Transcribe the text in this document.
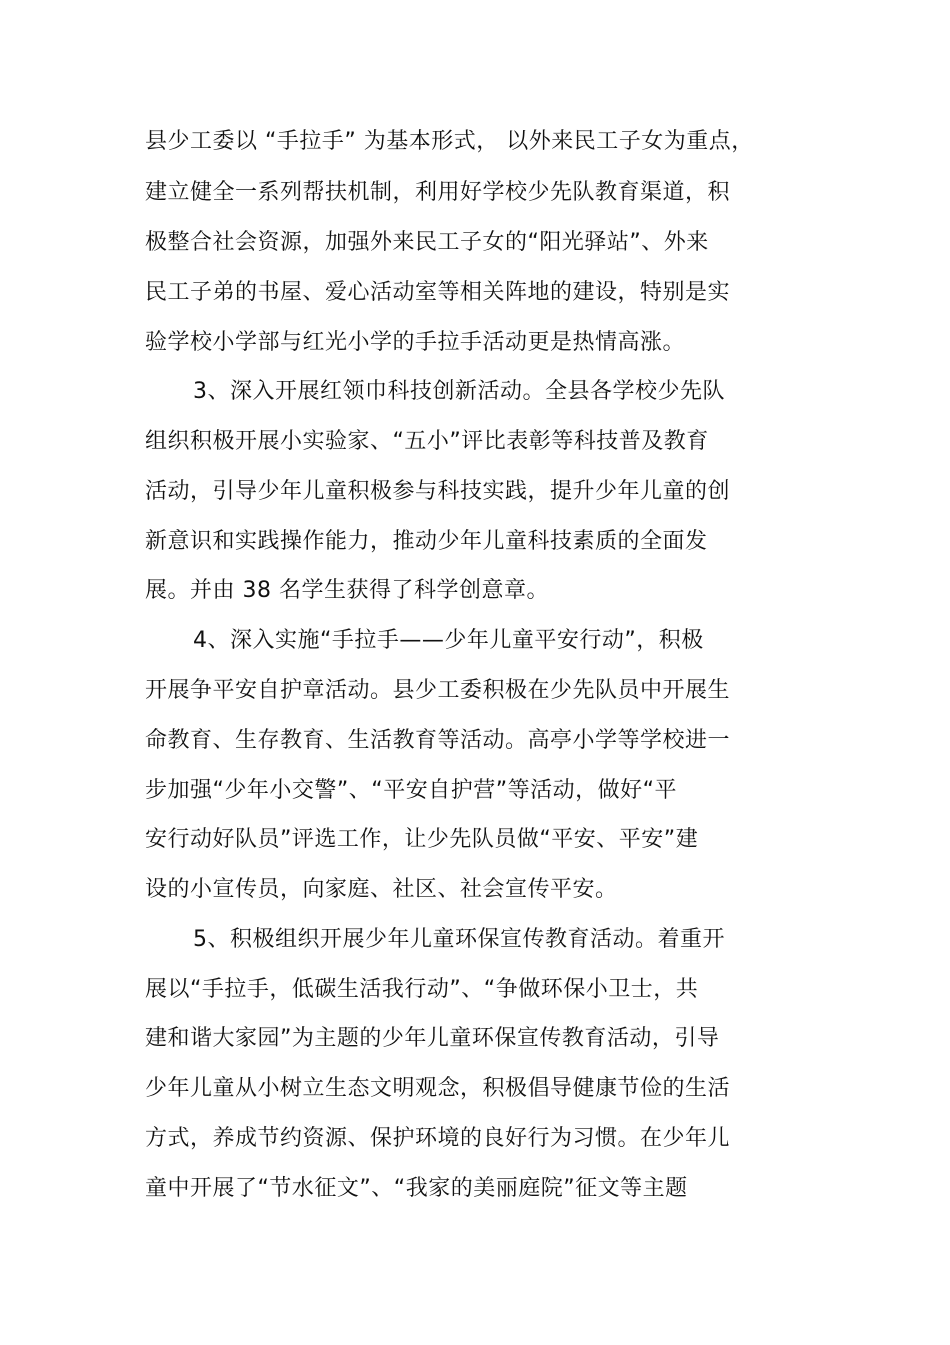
县少工委以 “手拉手” 为基本形式， 以外来民工子女为重点，
建立健全一系列帮扶机制，利用好学校少先队教育渠道，积
极整合社会资源，加强外来民工子女的“阳光驿站”、外来
民工子弟的书屋、爱心活动室等相关阵地的建设，特别是实
验学校小学部与红光小学的手拉手活动更是热情高涨。
3、深入开展红领巾科技创新活动。全县各学校少先队
组织积极开展小实验家、“五小”评比表彰等科技普及教育
活动，引导少年儿童积极参与科技实践，提升少年儿童的创
新意识和实践操作能力，推动少年儿童科技素质的全面发
展。并由 38 名学生获得了科学创意章。
4、深入实施“手拉手——少年儿童平安行动”，积极
开展争平安自护章活动。县少工委积极在少先队员中开展生
命教育、生存教育、生活教育等活动。高亭小学等学校进一
步加强“少年小交警”、“平安自护营”等活动，做好“平
安行动好队员”评选工作，让少先队员做“平安、平安”建
设的小宣传员，向家庭、社区、社会宣传平安。
5、积极组织开展少年儿童环保宣传教育活动。着重开
展以“手拉手，低碳生活我行动”、“争做环保小卫士，共
建和谐大家园”为主题的少年儿童环保宣传教育活动，引导
少年儿童从小树立生态文明观念，积极倡导健康节俭的生活
方式，养成节约资源、保护环境的良好行为习惯。在少年儿
童中开展了“节水征文”、“我家的美丽庭院”征文等主题
